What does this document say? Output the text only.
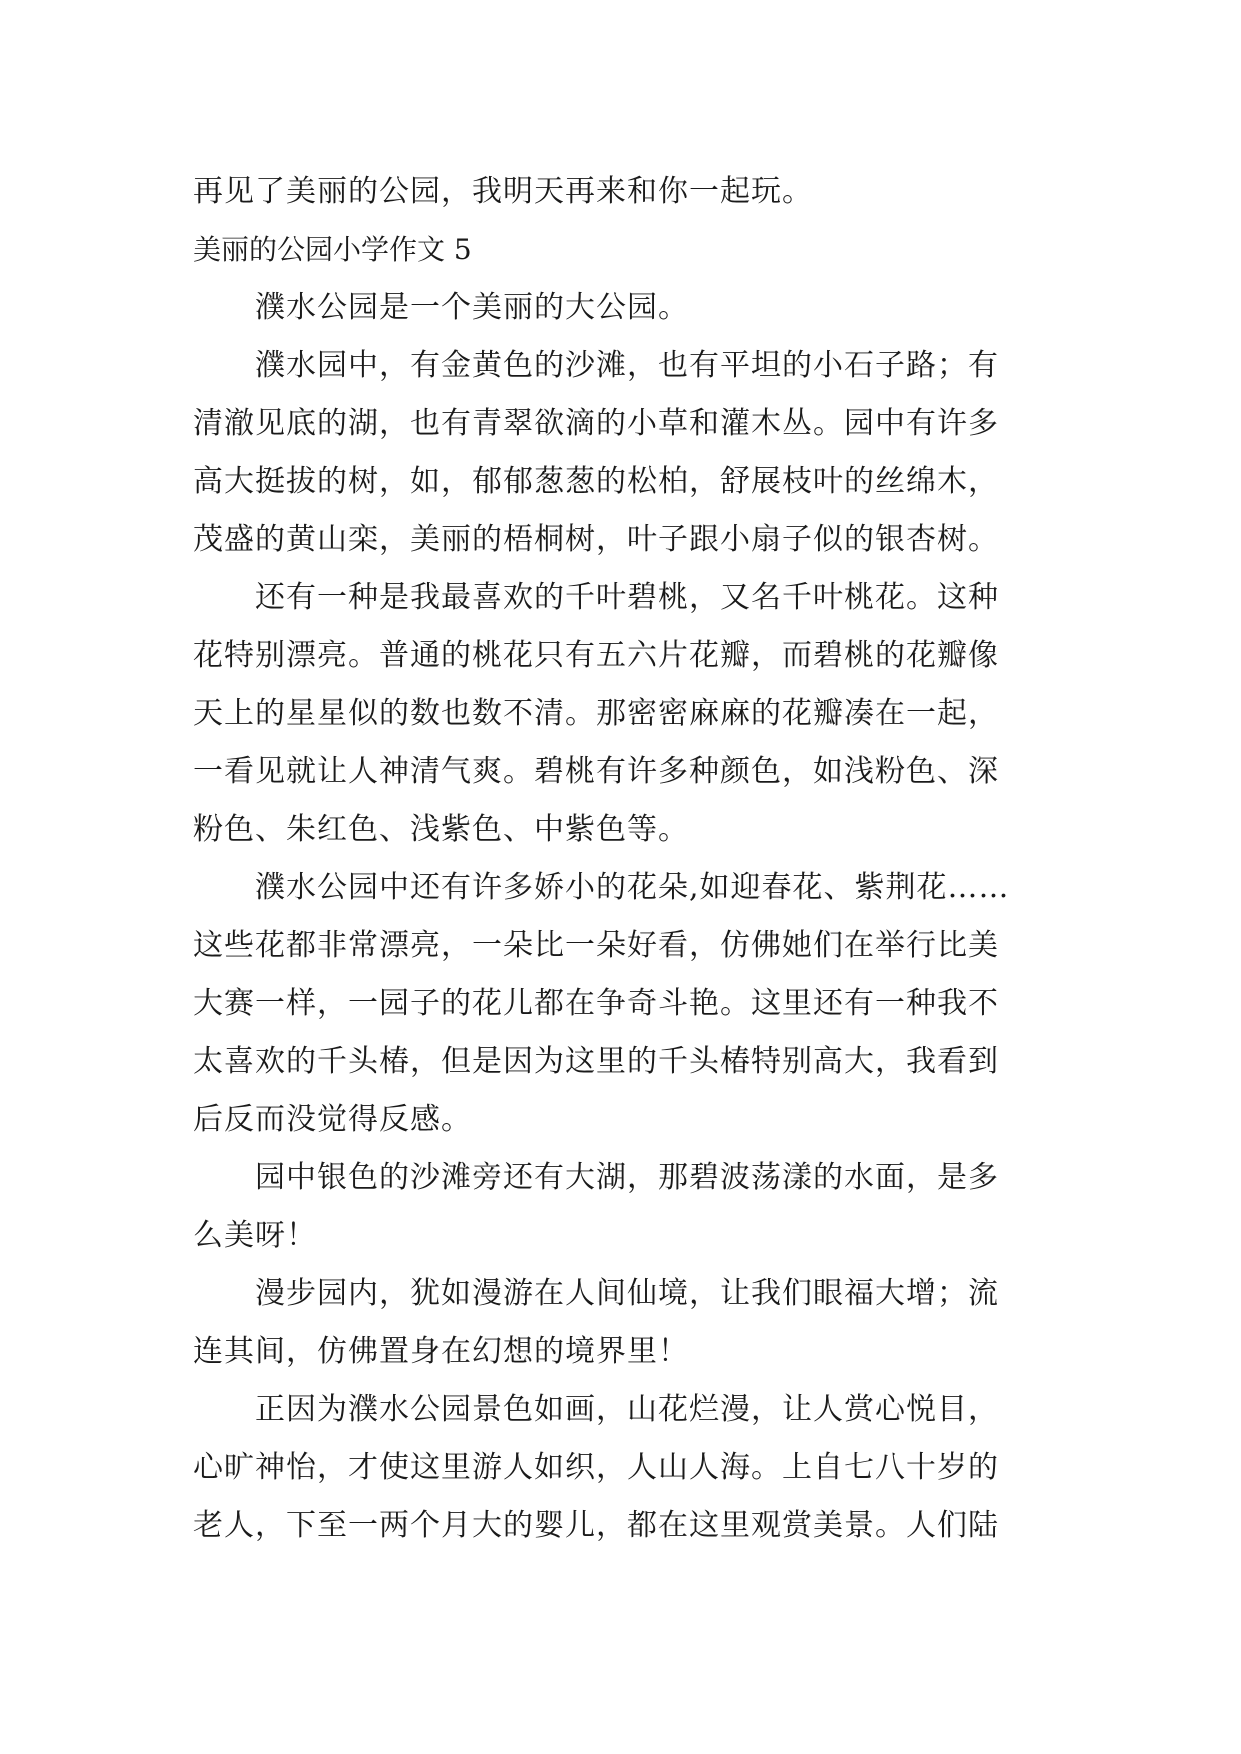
再见了美丽的公园，我明天再来和你一起玩。
美丽的公园小学作文 5
濮水公园是一个美丽的大公园。
濮水园中，有金黄色的沙滩，也有平坦的小石子路；有
清澈见底的湖，也有青翠欲滴的小草和灌木丛。园中有许多
高大挺拔的树，如，郁郁葱葱的松柏，舒展枝叶的丝绵木，
茂盛的黄山栾，美丽的梧桐树，叶子跟小扇子似的银杏树。
还有一种是我最喜欢的千叶碧桃，又名千叶桃花。这种
花特别漂亮。普通的桃花只有五六片花瓣，而碧桃的花瓣像
天上的星星似的数也数不清。那密密麻麻的花瓣凑在一起，
一看见就让人神清气爽。碧桃有许多种颜色，如浅粉色、深
粉色、朱红色、浅紫色、中紫色等。
濮水公园中还有许多娇小的花朵,如迎春花、紫荆花……
这些花都非常漂亮，一朵比一朵好看，仿佛她们在举行比美
大赛一样，一园子的花儿都在争奇斗艳。这里还有一种我不
太喜欢的千头椿，但是因为这里的千头椿特别高大，我看到
后反而没觉得反感。
园中银色的沙滩旁还有大湖，那碧波荡漾的水面，是多
么美呀！
漫步园内，犹如漫游在人间仙境，让我们眼福大增；流
连其间，仿佛置身在幻想的境界里！
正因为濮水公园景色如画，山花烂漫，让人赏心悦目，
心旷神怡，才使这里游人如织，人山人海。上自七八十岁的
老人，下至一两个月大的婴儿，都在这里观赏美景。人们陆
